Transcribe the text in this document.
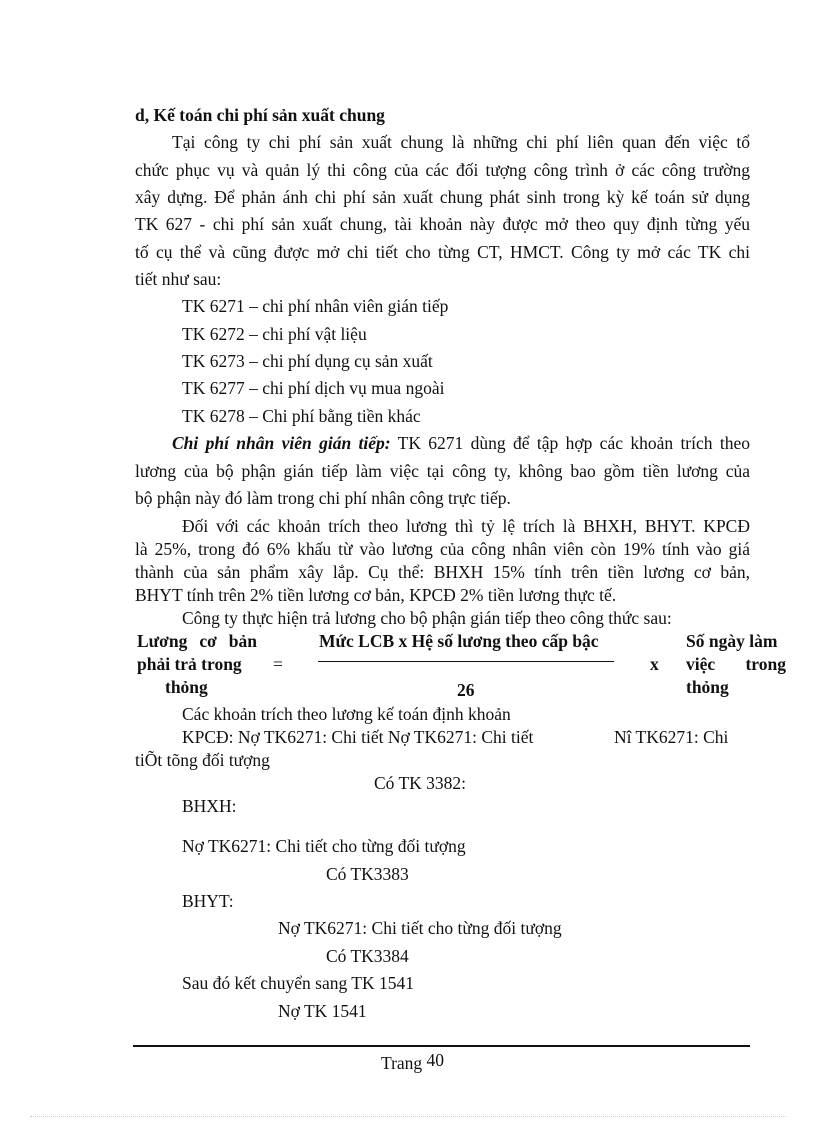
d, Kế toán chi phí sản xuất chung
Tại công ty chi phí sản xuất chung là những chi phí liên quan đến việc tổ
chức phục vụ và quản lý thi công của các đối tượng công trình ở các công trường
xây dựng. Để phản ánh chi phí sản xuất chung phát sinh trong kỳ kế toán sử dụng
TK 627 - chi phí sản xuất chung, tài khoản này được mở theo quy định từng yếu
tố cụ thể và cũng được mở chi tiết cho từng CT, HMCT. Công ty mở các TK chi
tiết như sau:
TK 6271 – chi phí nhân viên gián tiếp
TK 6272 – chi phí vật liệu
TK 6273 – chi phí dụng cụ sản xuất
TK 6277 – chi phí dịch vụ mua ngoài
TK 6278 – Chi phí bằng tiền khác
Chi phí nhân viên gián tiếp: TK 6271 dùng để tập hợp các khoản trích theo
lương của bộ phận gián tiếp làm việc tại công ty, không bao gồm tiền lương của
bộ phận này đó làm trong chi phí nhân công trực tiếp.
Đối với các khoản trích theo lương thì tỷ lệ trích là BHXH, BHYT. KPCĐ
là 25%, trong đó 6% khấu từ vào lương của công nhân viên còn 19% tính vào giá
thành của sản phẩm xây lắp. Cụ thể: BHXH 15% tính trên tiền lương cơ bản,
BHYT tính trên 2% tiền lương cơ bản, KPCĐ 2% tiền lương thực tế.
Công ty thực hiện trả lương cho bộ phận gián tiếp theo công thức sau:
Lương cơ bản
phải trả trong
thỏng
=
Mức LCB x Hệ số lương theo cấp bậc
26
x
Số ngày làm
việc trong
thỏng
Các khoản trích theo lương kế toán định khoản
KPCĐ: Nợ TK6271: Chi tiết Nợ TK6271: Chi tiết	Nî TK6271: Chi
tiÕt tõng đối tượng
Có TK 3382:
BHXH:
Nợ TK6271: Chi tiết cho từng đối tượng
Có TK3383
BHYT:
Nợ TK6271: Chi tiết cho từng đối tượng
Có TK3384
Sau đó kết chuyển sang TK 1541
Nợ TK 1541
Trang 40
